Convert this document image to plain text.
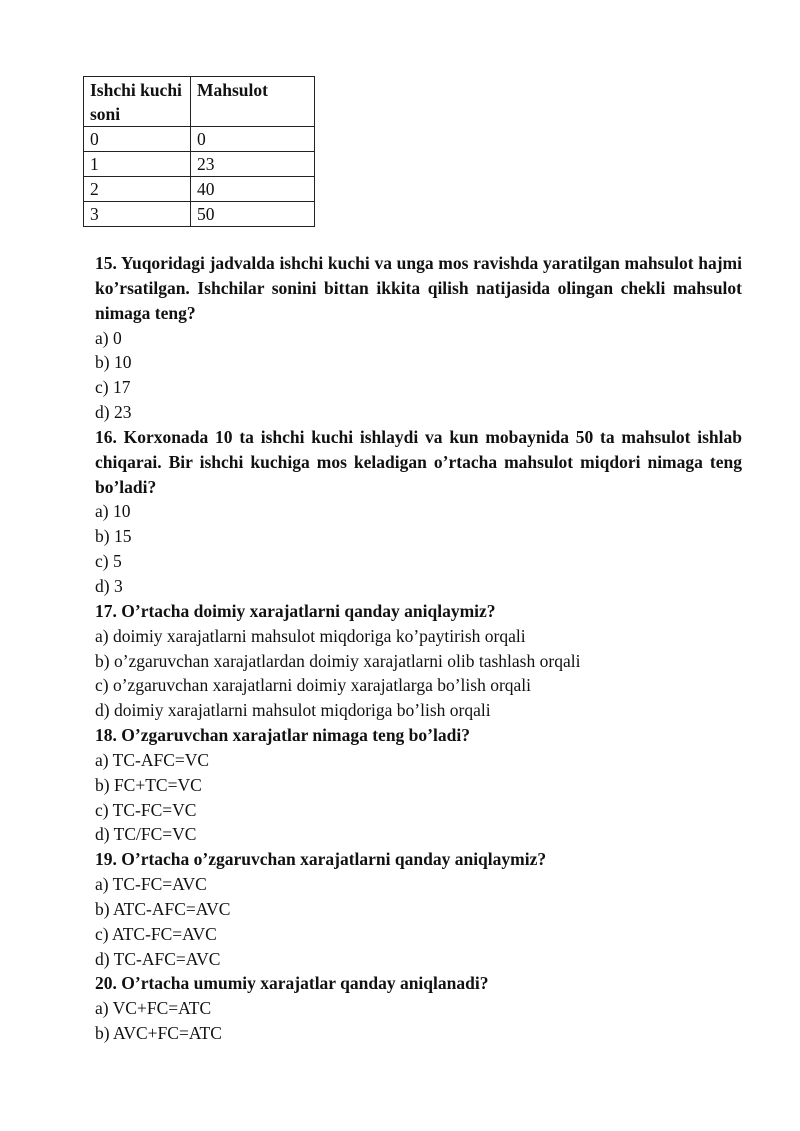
Ishchi kuchi soni	Mahsulot
0	0
1	23
2	40
3	50

15. Yuqoridagi jadvalda ishchi kuchi va unga mos ravishda yaratilgan mahsulot hajmi ko’rsatilgan. Ishchilar sonini bittan ikkita qilish natijasida olingan chekli mahsulot nimaga teng?

a) 0

b) 10

c) 17

d) 23

16. Korxonada 10 ta ishchi kuchi ishlaydi va kun mobaynida 50 ta mahsulot ishlab chiqarai. Bir ishchi kuchiga mos keladigan o’rtacha mahsulot miqdori nimaga teng bo’ladi?

a) 10

b) 15

c) 5

d) 3

17. O’rtacha doimiy xarajatlarni qanday aniqlaymiz?

a) doimiy xarajatlarni mahsulot miqdoriga ko’paytirish orqali

b) o’zgaruvchan xarajatlardan doimiy xarajatlarni olib tashlash orqali

c) o’zgaruvchan xarajatlarni doimiy xarajatlarga bo’lish orqali

d) doimiy xarajatlarni mahsulot miqdoriga bo’lish orqali

18. O’zgaruvchan xarajatlar nimaga teng bo’ladi?

a) TC-AFC=VC

b) FC+TC=VC

c) TC-FC=VC

d) TC/FC=VC

19. O’rtacha o’zgaruvchan xarajatlarni qanday aniqlaymiz?

a) TC-FC=AVC

b) ATC-AFC=AVC

c) ATC-FC=AVC

d) TC-AFC=AVC

20. O’rtacha umumiy xarajatlar qanday aniqlanadi?

a) VC+FC=ATC

b) AVC+FC=ATC
